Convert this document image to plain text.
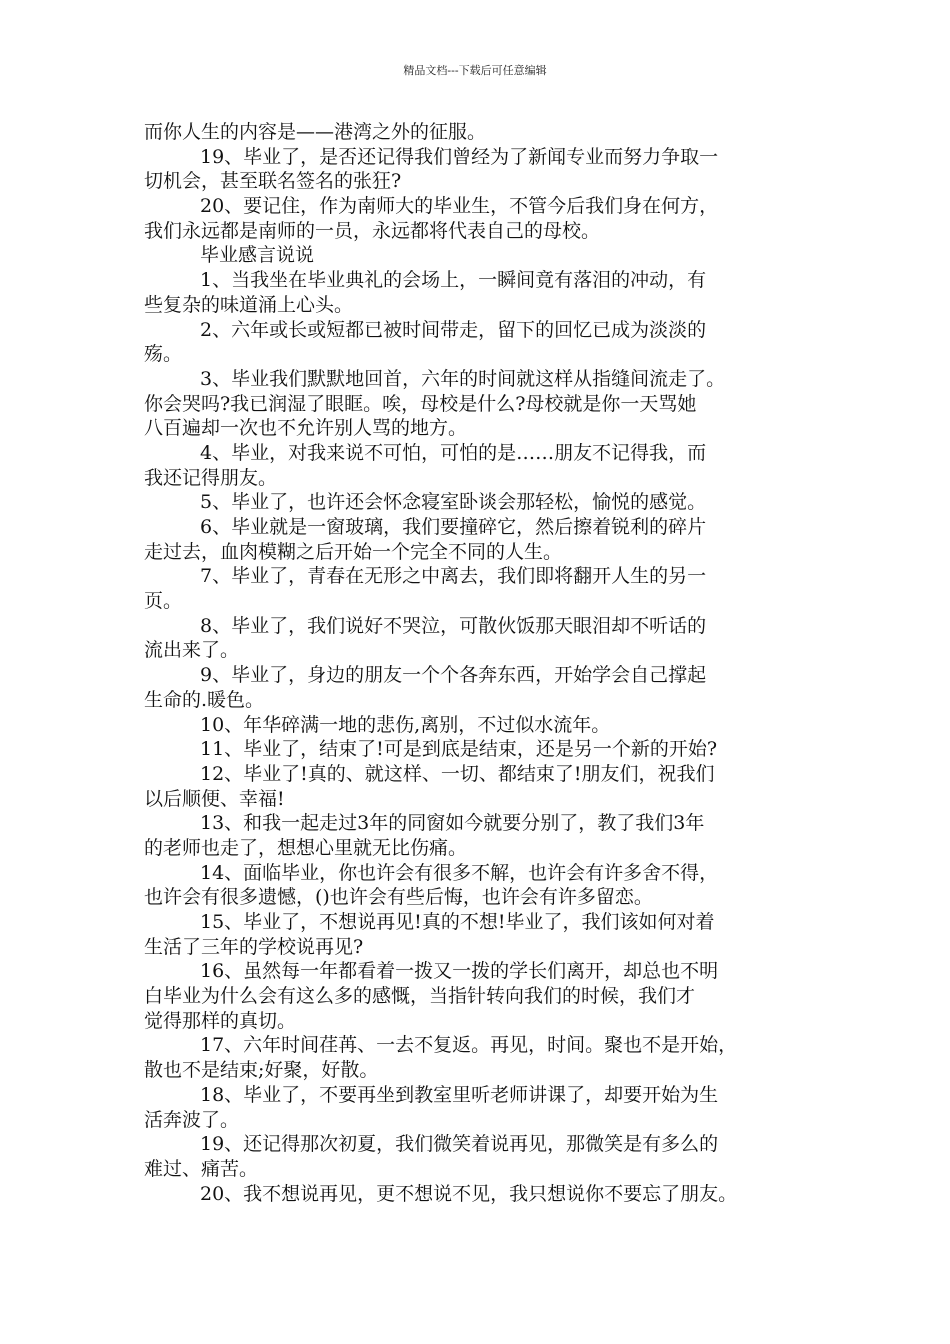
精品文档---下载后可任意编辑
而你人生的内容是——港湾之外的征服。
19、毕业了，是否还记得我们曾经为了新闻专业而努力争取一
切机会，甚至联名签名的张狂?
20、要记住，作为南师大的毕业生，不管今后我们身在何方，
我们永远都是南师的一员，永远都将代表自己的母校。
毕业感言说说
1、当我坐在毕业典礼的会场上，一瞬间竟有落泪的冲动，有
些复杂的味道涌上心头。
2、六年或长或短都已被时间带走，留下的回忆已成为淡淡的
殇。
3、毕业我们默默地回首，六年的时间就这样从指缝间流走了。
你会哭吗?我已润湿了眼眶。唉，母校是什么?母校就是你一天骂她
八百遍却一次也不允许别人骂的地方。
4、毕业，对我来说不可怕，可怕的是……朋友不记得我，而
我还记得朋友。
5、毕业了，也许还会怀念寝室卧谈会那轻松，愉悦的感觉。
6、毕业就是一窗玻璃，我们要撞碎它，然后擦着锐利的碎片
走过去，血肉模糊之后开始一个完全不同的人生。
7、毕业了，青春在无形之中离去，我们即将翻开人生的另一
页。
8、毕业了，我们说好不哭泣，可散伙饭那天眼泪却不听话的
流出来了。
9、毕业了，身边的朋友一个个各奔东西，开始学会自己撑起
生命的.暖色。
10、年华碎满一地的悲伤,离别，不过似水流年。
11、毕业了，结束了!可是到底是结束，还是另一个新的开始?
12、毕业了!真的、就这样、一切、都结束了!朋友们，祝我们
以后顺便、幸福!
13、和我一起走过3年的同窗如今就要分别了，教了我们3年
的老师也走了，想想心里就无比伤痛。
14、面临毕业，你也许会有很多不解，也许会有许多舍不得，
也许会有很多遗憾，()也许会有些后悔，也许会有许多留恋。
15、毕业了，不想说再见!真的不想!毕业了，我们该如何对着
生活了三年的学校说再见?
16、虽然每一年都看着一拨又一拨的学长们离开，却总也不明
白毕业为什么会有这么多的感慨，当指针转向我们的时候，我们才
觉得那样的真切。
17、六年时间荏苒、一去不复返。再见，时间。聚也不是开始，
散也不是结束;好聚，好散。
18、毕业了，不要再坐到教室里听老师讲课了，却要开始为生
活奔波了。
19、还记得那次初夏，我们微笑着说再见，那微笑是有多么的
难过、痛苦。
20、我不想说再见，更不想说不见，我只想说你不要忘了朋友。
